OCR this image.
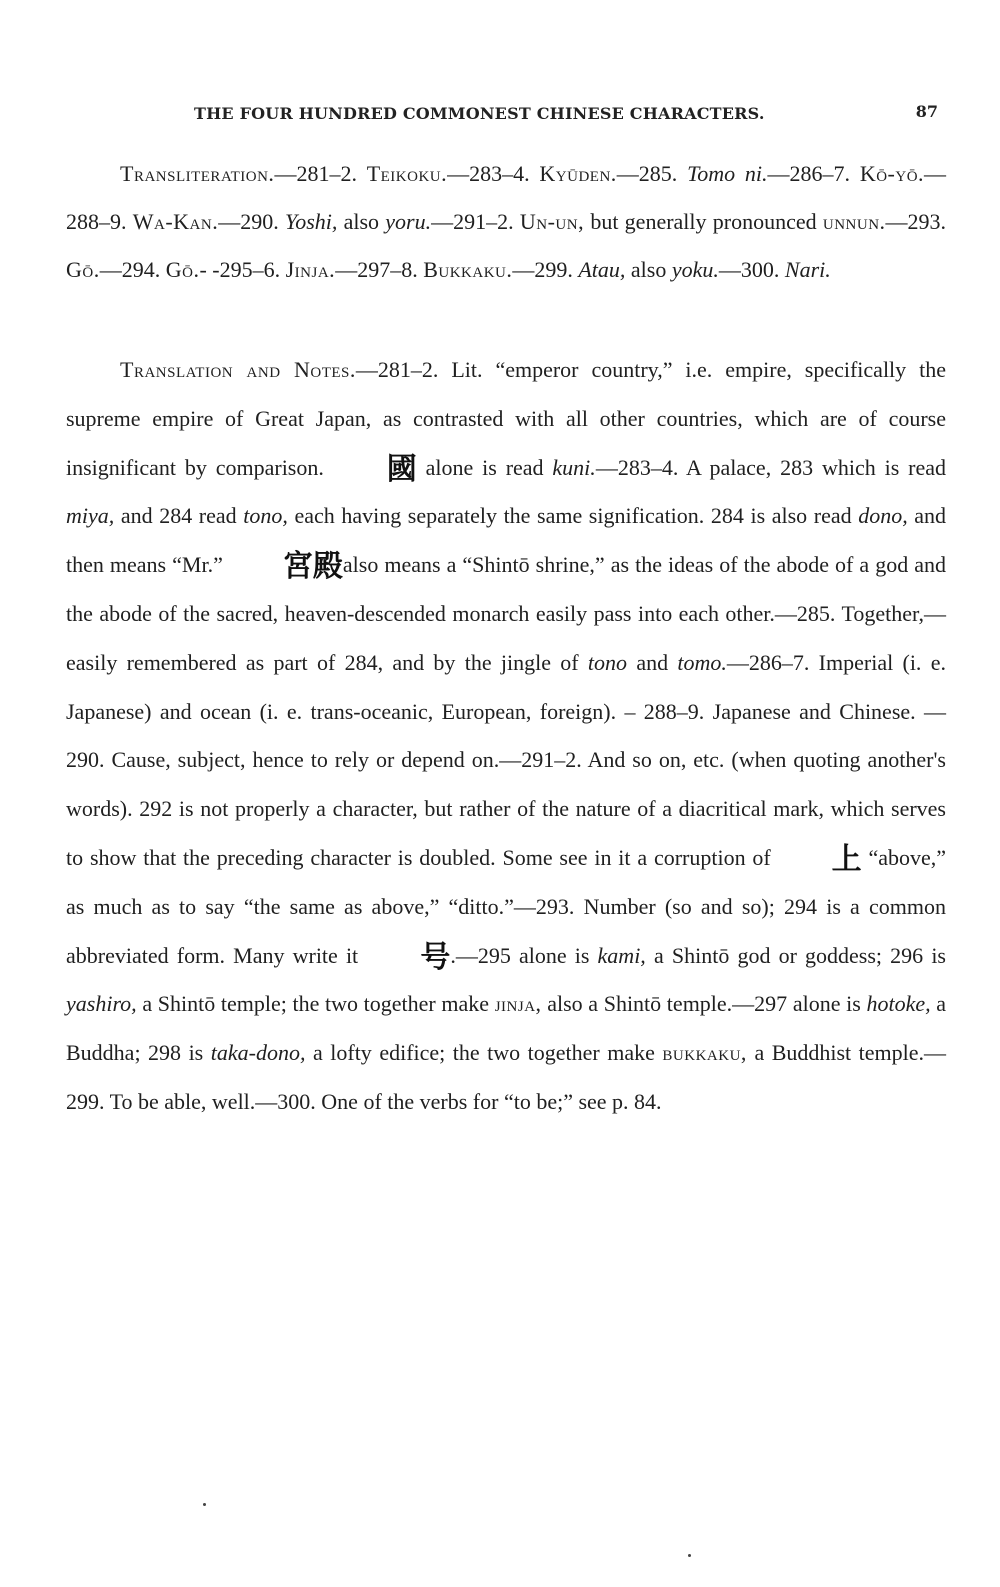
THE FOUR HUNDRED COMMONEST CHINESE CHARACTERS.	87

Transliteration.—281–2. Teikoku.—283–4. Kyūden.—285. Tomo ni.—286–7. Kō-yō.—288–9. Wa-Kan.—290. Yoshi, also yoru.—291–2. Un-un, but generally pronounced unnun.—293. Gō.—294. Gō.- -295–6. Jinja.—297–8. Bukkaku.—299. Atau, also yoku.—300. Nari.

Translation and Notes.—281–2. Lit. “emperor country,” i.e. empire, specifically the supreme empire of Great Japan, as contrasted with all other countries, which are of course insignificant by comparison. 國 alone is read kuni.—283–4. A palace, 283 which is read miya, and 284 read tono, each having separately the same signification. 284 is also read dono, and then means “Mr.” 宮殿also means a “Shintō shrine,” as the ideas of the abode of a god and the abode of the sacred, heaven-descended monarch easily pass into each other.—285. Together,—easily remembered as part of 284, and by the jingle of tono and tomo.—286–7. Imperial (i. e. Japanese) and ocean (i. e. trans-oceanic, European, foreign). – 288–9. Japanese and Chinese. — 290. Cause, subject, hence to rely or depend on.—291–2. And so on, etc. (when quoting another's words). 292 is not properly a character, but rather of the nature of a diacritical mark, which serves to show that the preceding character is doubled. Some see in it a corruption of 上 “above,” as much as to say “the same as above,” “ditto.”—293. Number (so and so); 294 is a common abbreviated form. Many write it 号.—295 alone is kami, a Shintō god or goddess; 296 is yashiro, a Shintō temple; the two together make jinja, also a Shintō temple.—297 alone is hotoke, a Buddha; 298 is taka-dono, a lofty edifice; the two together make bukkaku, a Buddhist temple.—299. To be able, well.—300. One of the verbs for “to be;” see p. 84.
